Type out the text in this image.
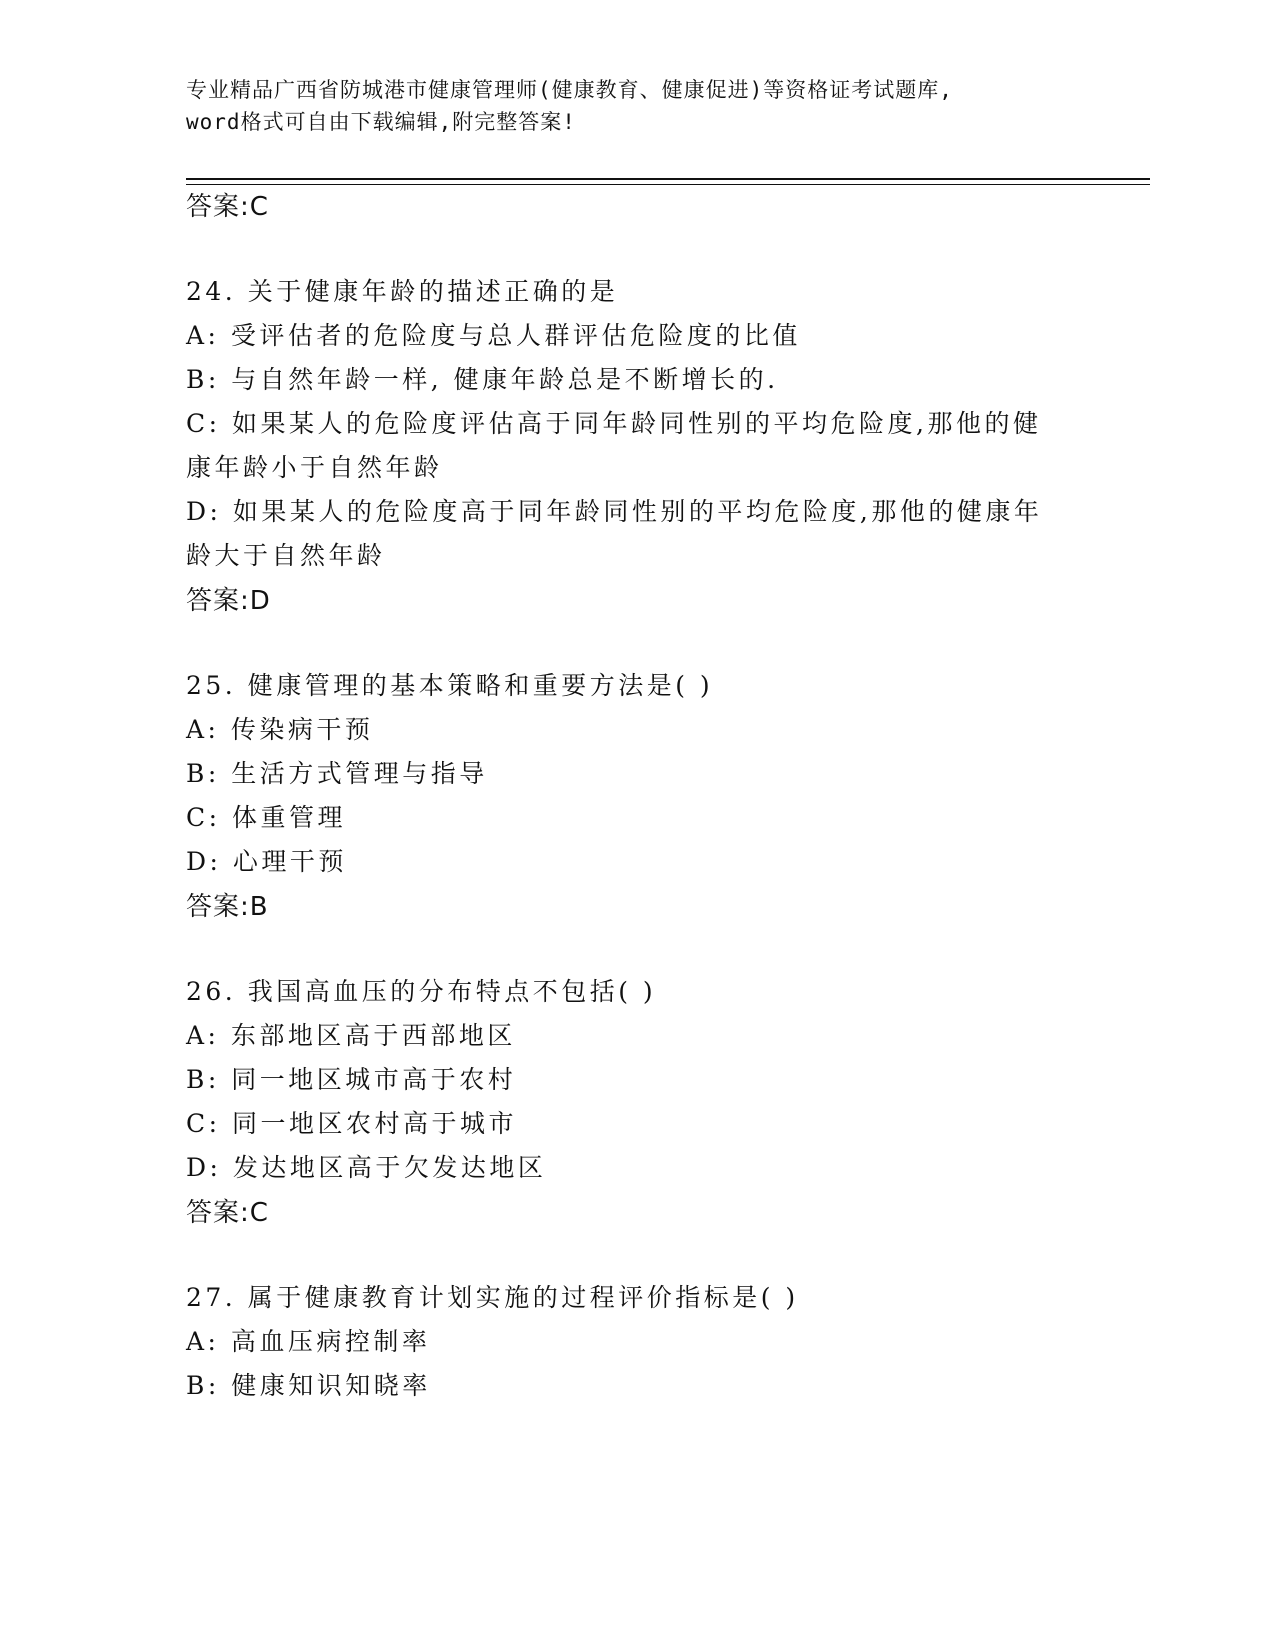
专业精品广西省防城港市健康管理师(健康教育、健康促进)等资格证考试题库,
word格式可自由下载编辑,附完整答案!
答案:C
24. 关于健康年龄的描述正确的是
A: 受评估者的危险度与总人群评估危险度的比值
B: 与自然年龄一样, 健康年龄总是不断增长的.
C: 如果某人的危险度评估高于同年龄同性别的平均危险度,那他的健
康年龄小于自然年龄
D: 如果某人的危险度高于同年龄同性别的平均危险度,那他的健康年
龄大于自然年龄
答案:D
25. 健康管理的基本策略和重要方法是( )
A: 传染病干预
B: 生活方式管理与指导
C: 体重管理
D: 心理干预
答案:B
26. 我国高血压的分布特点不包括( )
A: 东部地区高于西部地区
B: 同一地区城市高于农村
C: 同一地区农村高于城市
D: 发达地区高于欠发达地区
答案:C
27. 属于健康教育计划实施的过程评价指标是( )
A: 高血压病控制率
B: 健康知识知晓率
